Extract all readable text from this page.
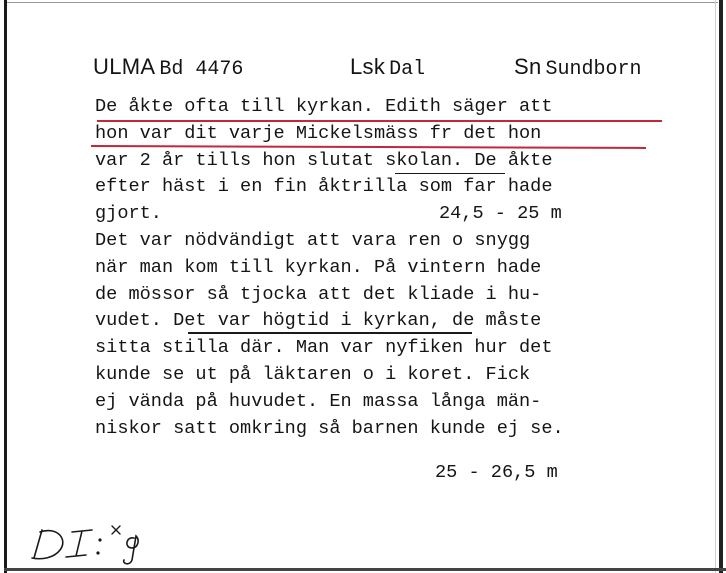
ULMA Bd 4476	Lsk Dal	Sn Sundborn
De åkte ofta till kyrkan. Edith säger att
hon var dit varje Mickelsmäss fr det hon
var 2 år tills hon slutat skolan. De åkte
efter häst i en fin åktrilla som far hade
gjort.	24,5 - 25 m
Det var nödvändigt att vara ren o snygg
när man kom till kyrkan. På vintern hade
de mössor så tjocka att det kliade i hu-
vudet. Det var högtid i kyrkan, de måste
sitta stilla där. Man var nyfiken hur det
kunde se ut på läktaren o i koret. Fick
ej vända på huvudet. En massa långa män-
niskor satt omkring så barnen kunde ej se.
25 - 26,5 m
